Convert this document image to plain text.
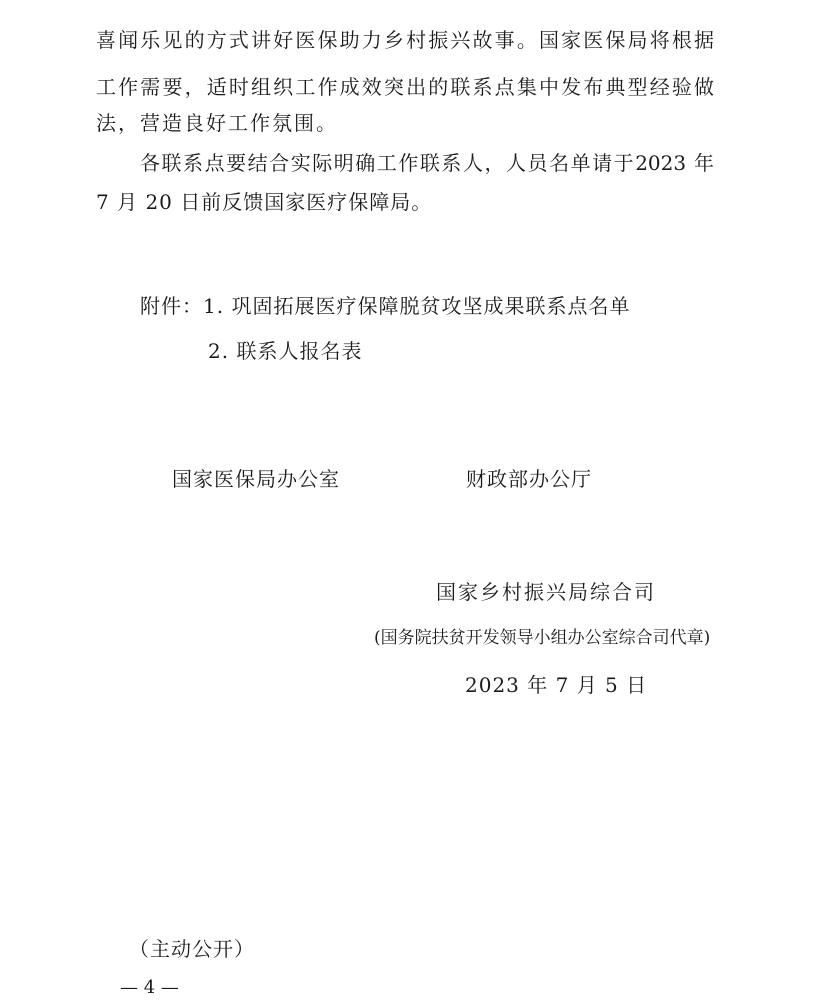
喜闻乐见的方式讲好医保助力乡村振兴故事。国家医保局将根据
工作需要，适时组织工作成效突出的联系点集中发布典型经验做
法，营造良好工作氛围。
各联系点要结合实际明确工作联系人，人员名单请于2023 年
7 月 20 日前反馈国家医疗保障局。
附件：1. 巩固拓展医疗保障脱贫攻坚成果联系点名单
2. 联系人报名表
国家医保局办公室	财政部办公厅
国家乡村振兴局综合司
(国务院扶贫开发领导小组办公室综合司代章)
2023 年 7 月 5 日
（主动公开）
— 4 —
